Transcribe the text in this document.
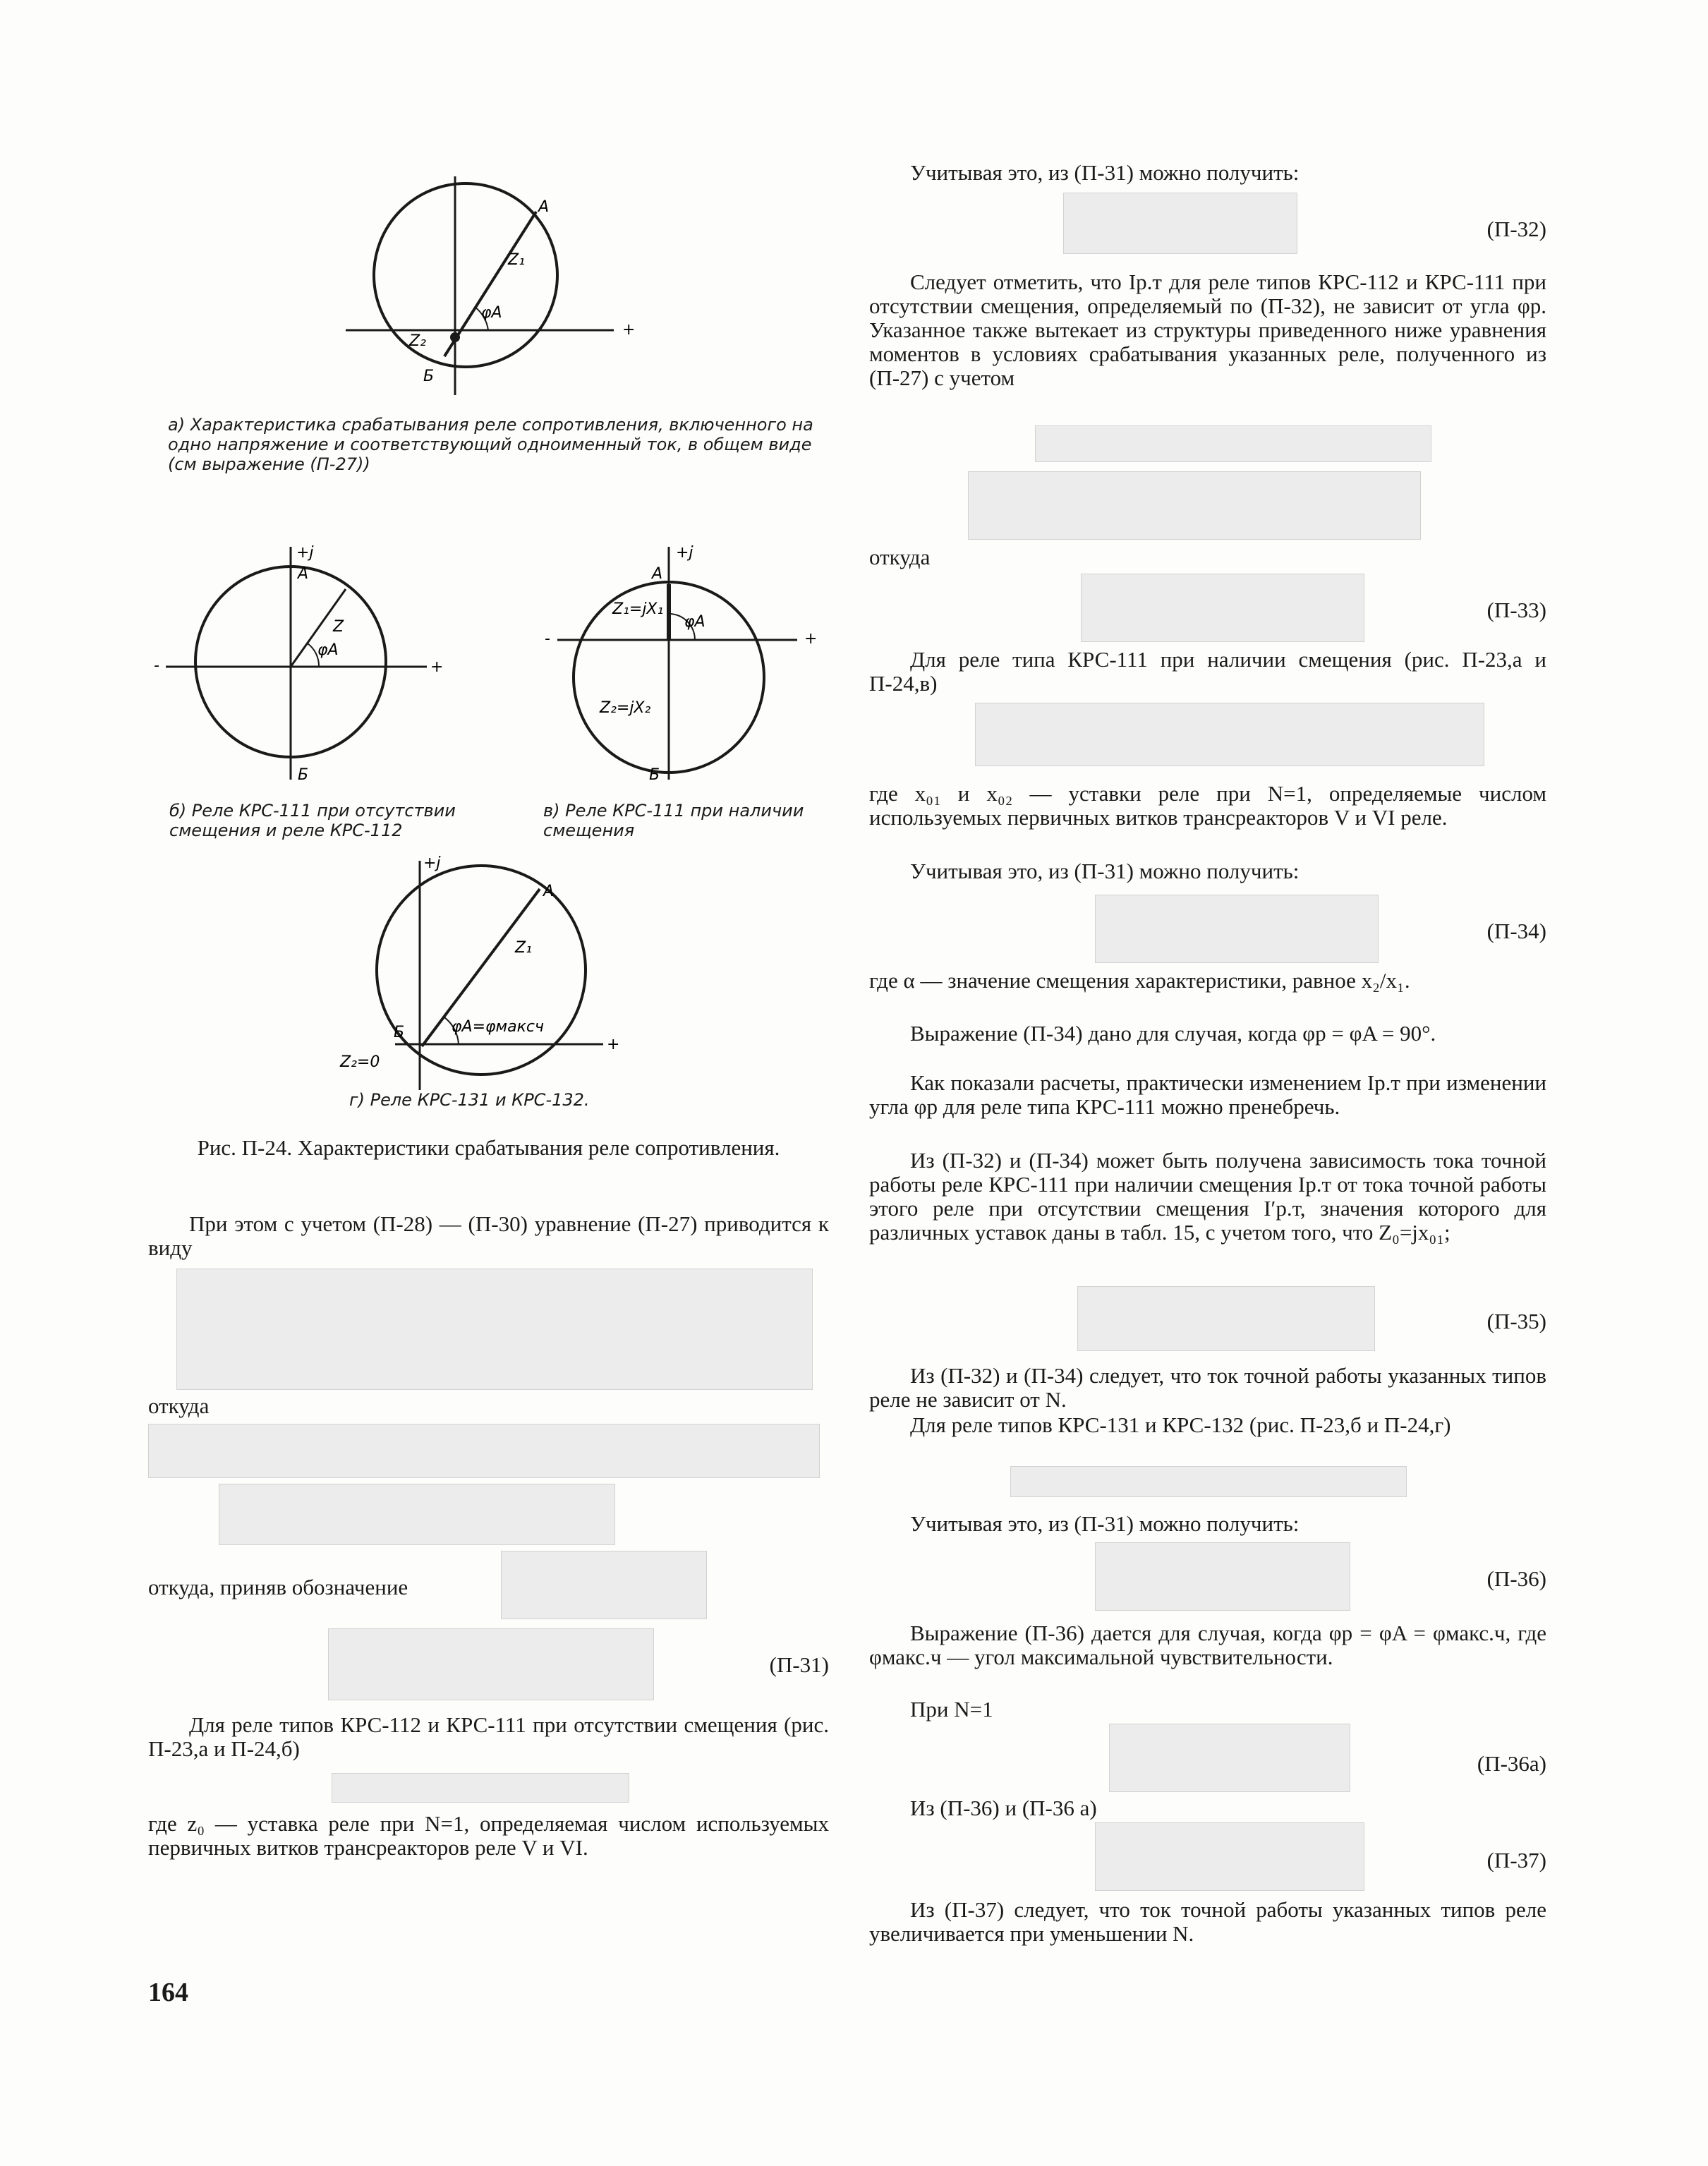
А
Z₁
φA
Z₂
Б
+
а) Характеристика срабатывания реле сопротивления, включенного на одно напряжение и соответствующий одноименный ток, в общем виде (см выражение (П-27))
+j
А
Z
φA
-	+
Б
+j
А
Z₁=jX₁
φA
-	+
Z₂=jX₂
Б
б) Реле КРС-111 при отсутствии смещения и реле КРС-112
в) Реле КРС-111 при наличии смещения
+j
А
Z₁
φA=φмаксч
Б
Z₂=0
+
г) Реле КРС-131 и КРС-132.
Рис. П-24. Характеристики срабатывания реле сопротивления.

При этом с учетом (П-28) — (П-30) уравнение (П-27) приводится к виду

откуда

откуда, приняв обозначение

(П-31)

Для реле типов КРС-112 и КРС-111 при отсутствии смещения (рис. П-23,а и П-24,б)

где z₀ — уставка реле при N=1, определяемая числом используемых первичных витков трансреакторов реле V и VI.

Учитывая это, из (П-31) можно получить:

(П-32)

Следует отметить, что Iр.т для реле типов КРС-112 и КРС-111 при отсутствии смещения, определяемый по (П-32), не зависит от угла φр. Указанное также вытекает из структуры приведенного ниже уравнения моментов в условиях срабатывания указанных реле, полученного из (П-27) с учетом

откуда

(П-33)

Для реле типа КРС-111 при наличии смещения (рис. П-23,а и П-24,в)

где x₀₁ и x₀₂ — уставки реле при N=1, определяемые числом используемых первичных витков трансреакторов V и VI реле.

Учитывая это, из (П-31) можно получить:

(П-34)

где α — значение смещения характеристики, равное x₂/x₁.

Выражение (П-34) дано для случая, когда φр = φA = 90°.

Как показали расчеты, практически изменением Iр.т при изменении угла φр для реле типа КРС-111 можно пренебречь.

Из (П-32) и (П-34) может быть получена зависимость тока точной работы реле КРС-111 при наличии смещения Iр.т от тока точной работы этого реле при отсутствии смещения I′р.т, значения которого для различных уставок даны в табл. 15, с учетом того, что Z₀=jx₀₁;

(П-35)

Из (П-32) и (П-34) следует, что ток точной работы указанных типов реле не зависит от N.

Для реле типов КРС-131 и КРС-132 (рис. П-23,б и П-24,г)

Учитывая это, из (П-31) можно получить:

(П-36)

Выражение (П-36) дается для случая, когда φр = φA = φмакс.ч, где φмакс.ч — угол максимальной чувствительности.

При N=1

(П-36а)

Из (П-36) и (П-36 а)

(П-37)

Из (П-37) следует, что ток точной работы указанных типов реле увеличивается при уменьшении N.

164
